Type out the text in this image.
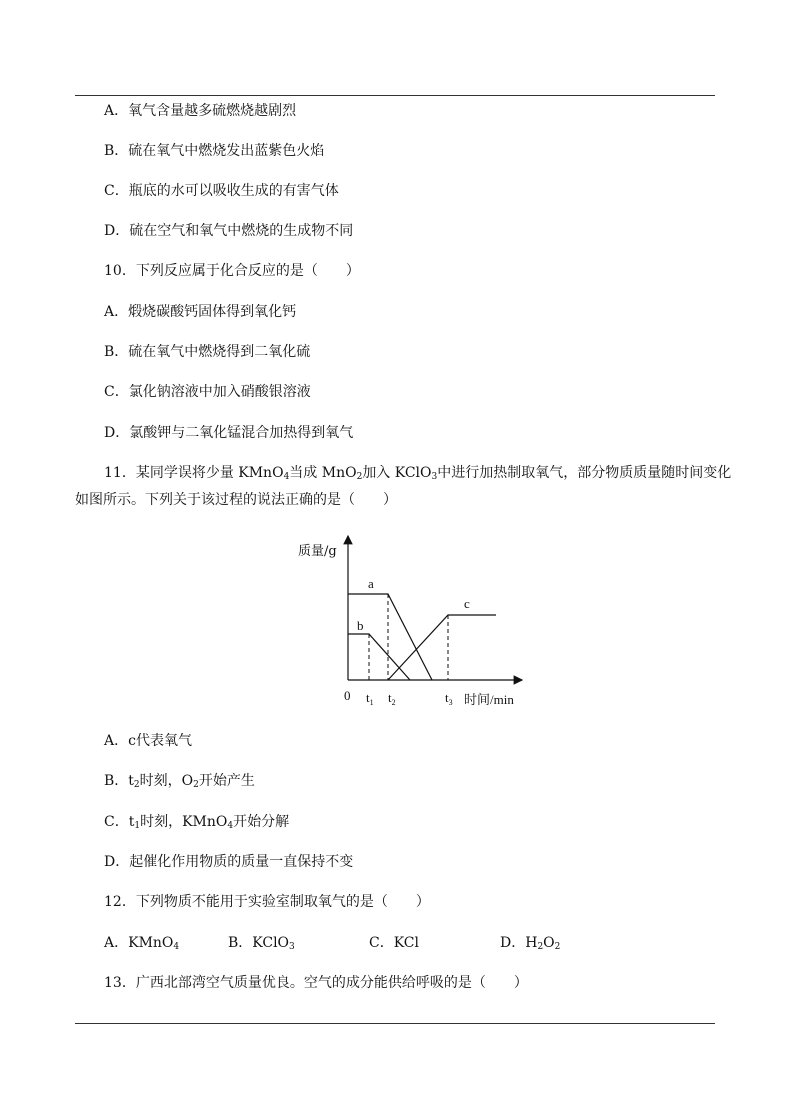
A．氧气含量越多硫燃烧越剧烈
B．硫在氧气中燃烧发出蓝紫色火焰
C．瓶底的水可以吸收生成的有害气体
D．硫在空气和氧气中燃烧的生成物不同
10．下列反应属于化合反应的是（　　）
A．煅烧碳酸钙固体得到氧化钙
B．硫在氧气中燃烧得到二氧化硫
C．氯化钠溶液中加入硝酸银溶液
D．氯酸钾与二氧化锰混合加热得到氧气
11．某同学误将少量 KMnO$_4$当成 MnO$_2$加入 KClO$_3$中进行加热制取氧气，部分物质质量随时间变化
如图所示。下列关于该过程的说法正确的是（　　）
质量/g
a
b
c
0 $t_1$ $t_2$	$t_3$ 时间/min
A．c代表氧气
B．$t_2$时刻，$O_2$开始产生
C．$t_1$时刻，KMnO$_4$开始分解
D．起催化作用物质的质量一直保持不变
12．下列物质不能用于实验室制取氧气的是（　　）
A．KMnO$_4$	B．KClO$_3$	C．KCl	D．$H_2O_2$
13．广西北部湾空气质量优良。空气的成分能供给呼吸的是（　　）
